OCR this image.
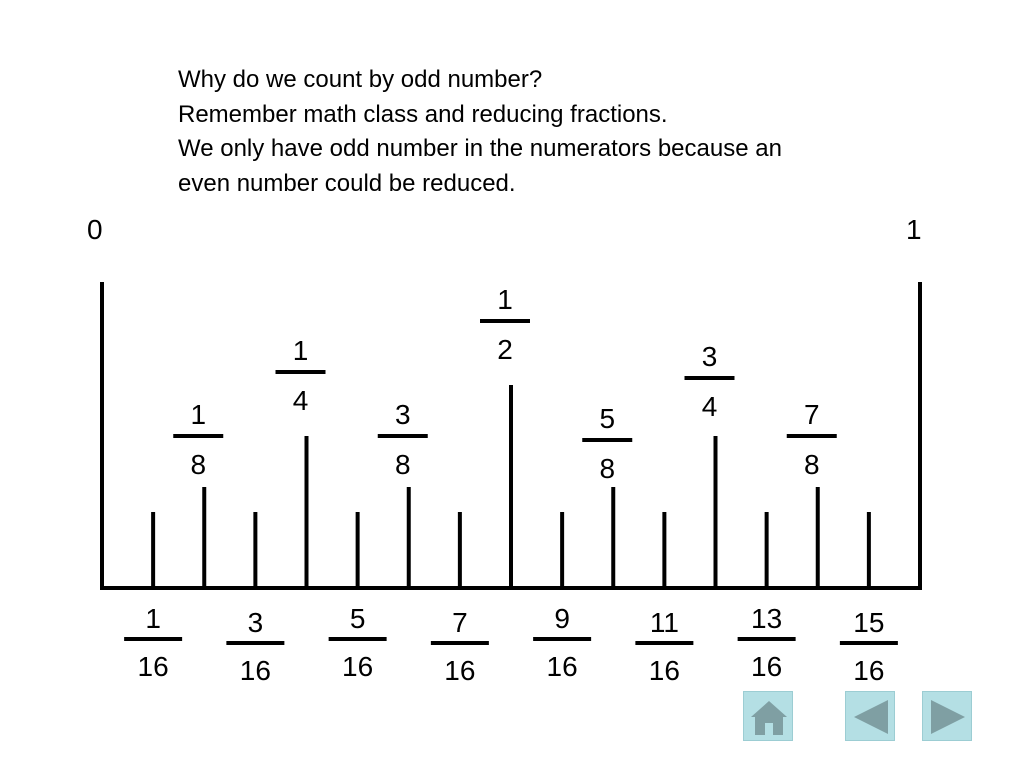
Why do we count by odd number?
Remember math class and reducing fractions.
We only have odd number in the numerators because an
even number could be reduced.
0	1
1
16
3
16
5
16
7
16
9
16
11
16
13
16
15
16
1
2
1
4
3
4
1
8
3
8
5
8
7
8
